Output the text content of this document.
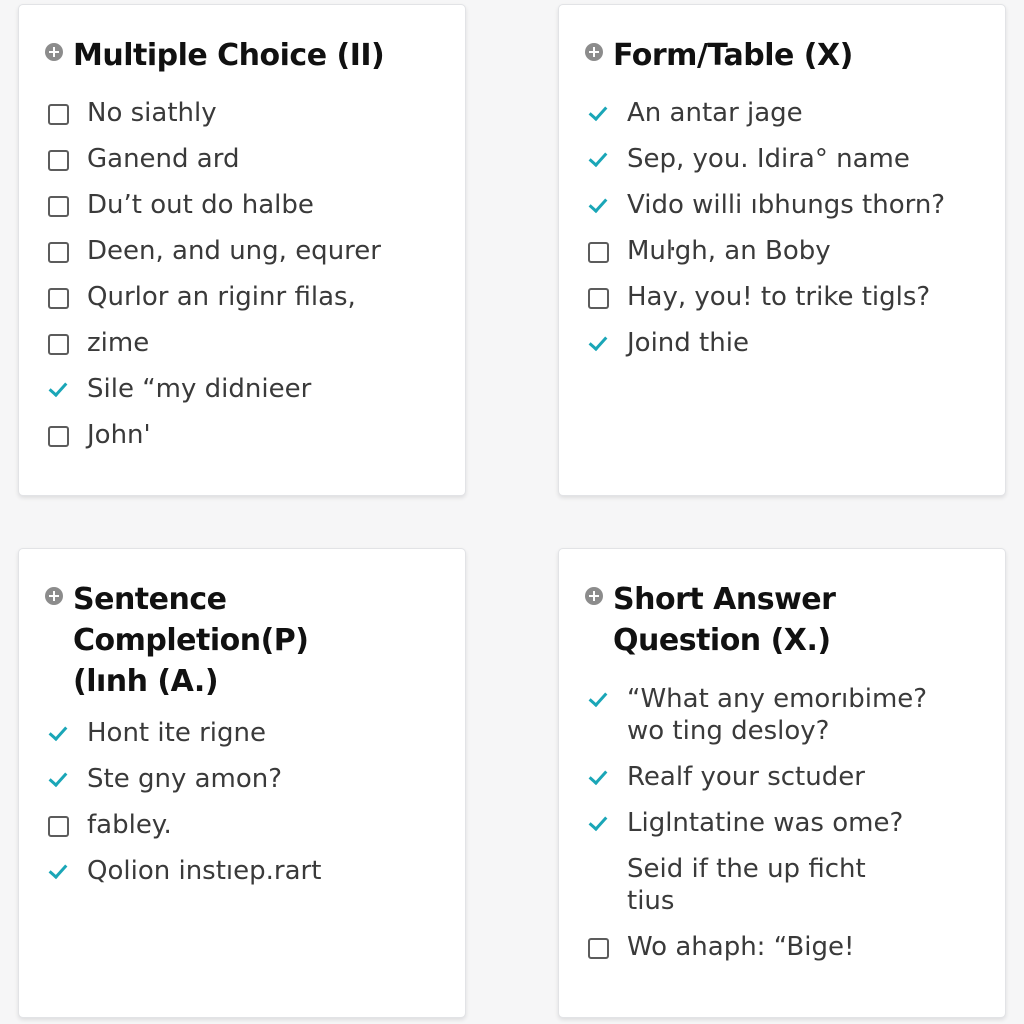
Multiple Choice (II)
No siathly
Ganend ard
Du’t out do halbe
Deen, and ung, equrer
Qurlor an riginr filas,
zime
Sile “my didnieer
John'
Form/Table (X)
An antar jage
Sep, you. Idira° name
Vido willi ıbhungs thorn?
Muŀgh, an Boby
Hay, you! to trike tigls?
Joind thie
Sentence
Completion(P)
(lınh (A.)
Hont ite rigne
Ste gny amon?
fabley.
Qolion instıep.rart
Short Answer
Question (X.)
“What any emorıbime?
wo ting desloy?
Realf your sctuder
Liglntatine was ome?
Seid if the up ficht
tius
Wo ahaрh: “Bige!
